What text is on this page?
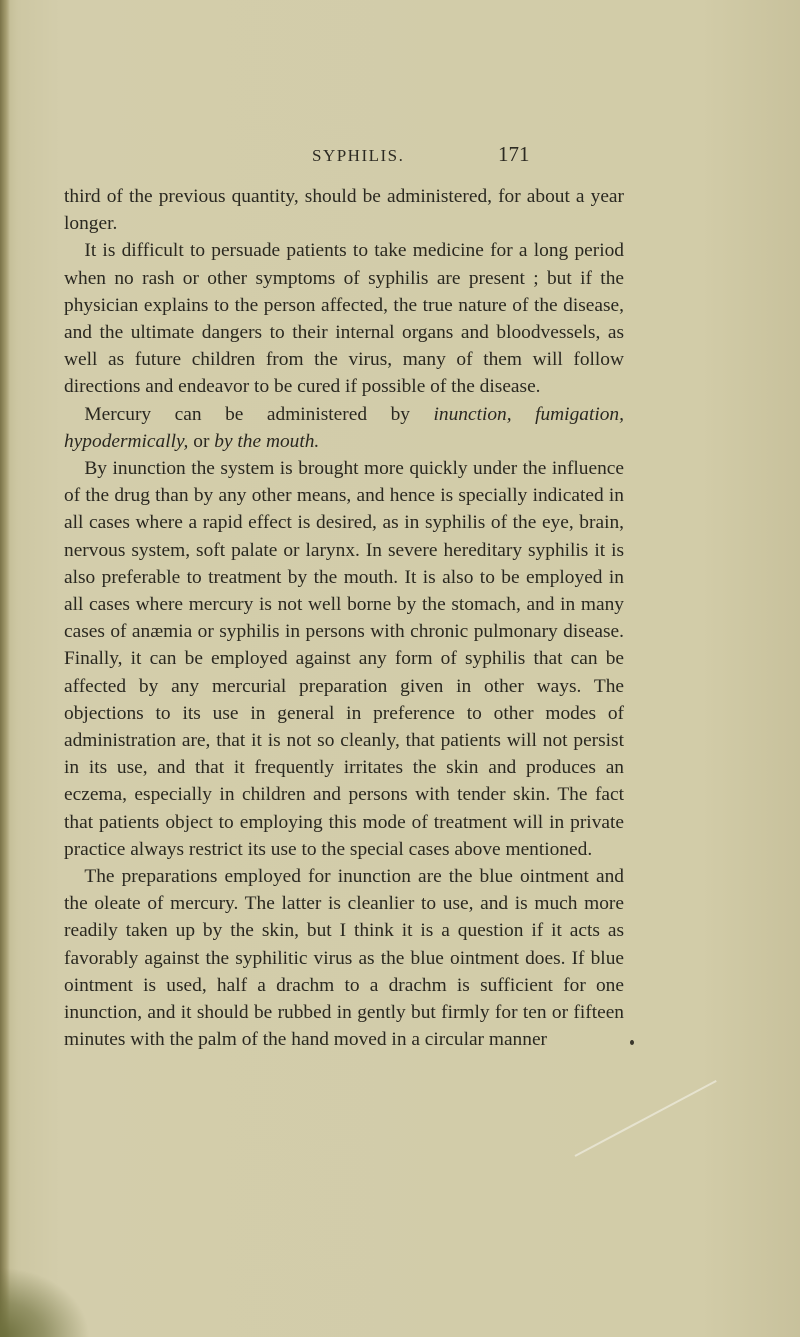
SYPHILIS.	171

third of the previous quantity, should be administered, for about a year longer.

It is difficult to persuade patients to take medicine for a long period when no rash or other symptoms of syphilis are present ; but if the physician explains to the person affected, the true nature of the disease, and the ultimate dangers to their internal organs and bloodvessels, as well as future children from the virus, many of them will follow directions and endeavor to be cured if possible of the disease.

Mercury can be administered by inunction, fumigation, hypodermically, or by the mouth.

By inunction the system is brought more quickly under the influence of the drug than by any other means, and hence is specially indicated in all cases where a rapid effect is desired, as in syphilis of the eye, brain, nervous system, soft palate or larynx. In severe hereditary syphilis it is also preferable to treatment by the mouth. It is also to be employed in all cases where mercury is not well borne by the stomach, and in many cases of anæmia or syphilis in persons with chronic pulmonary disease. Finally, it can be employed against any form of syphilis that can be affected by any mercurial preparation given in other ways. The objections to its use in general in preference to other modes of administration are, that it is not so cleanly, that patients will not persist in its use, and that it frequently irritates the skin and produces an eczema, especially in children and persons with tender skin. The fact that patients object to employing this mode of treatment will in private practice always restrict its use to the special cases above mentioned.

The preparations employed for inunction are the blue ointment and the oleate of mercury. The latter is cleanlier to use, and is much more readily taken up by the skin, but I think it is a question if it acts as favorably against the syphilitic virus as the blue ointment does. If blue ointment is used, half a drachm to a drachm is sufficient for one inunction, and it should be rubbed in gently but firmly for ten or fifteen minutes with the palm of the hand moved in a circular manner
